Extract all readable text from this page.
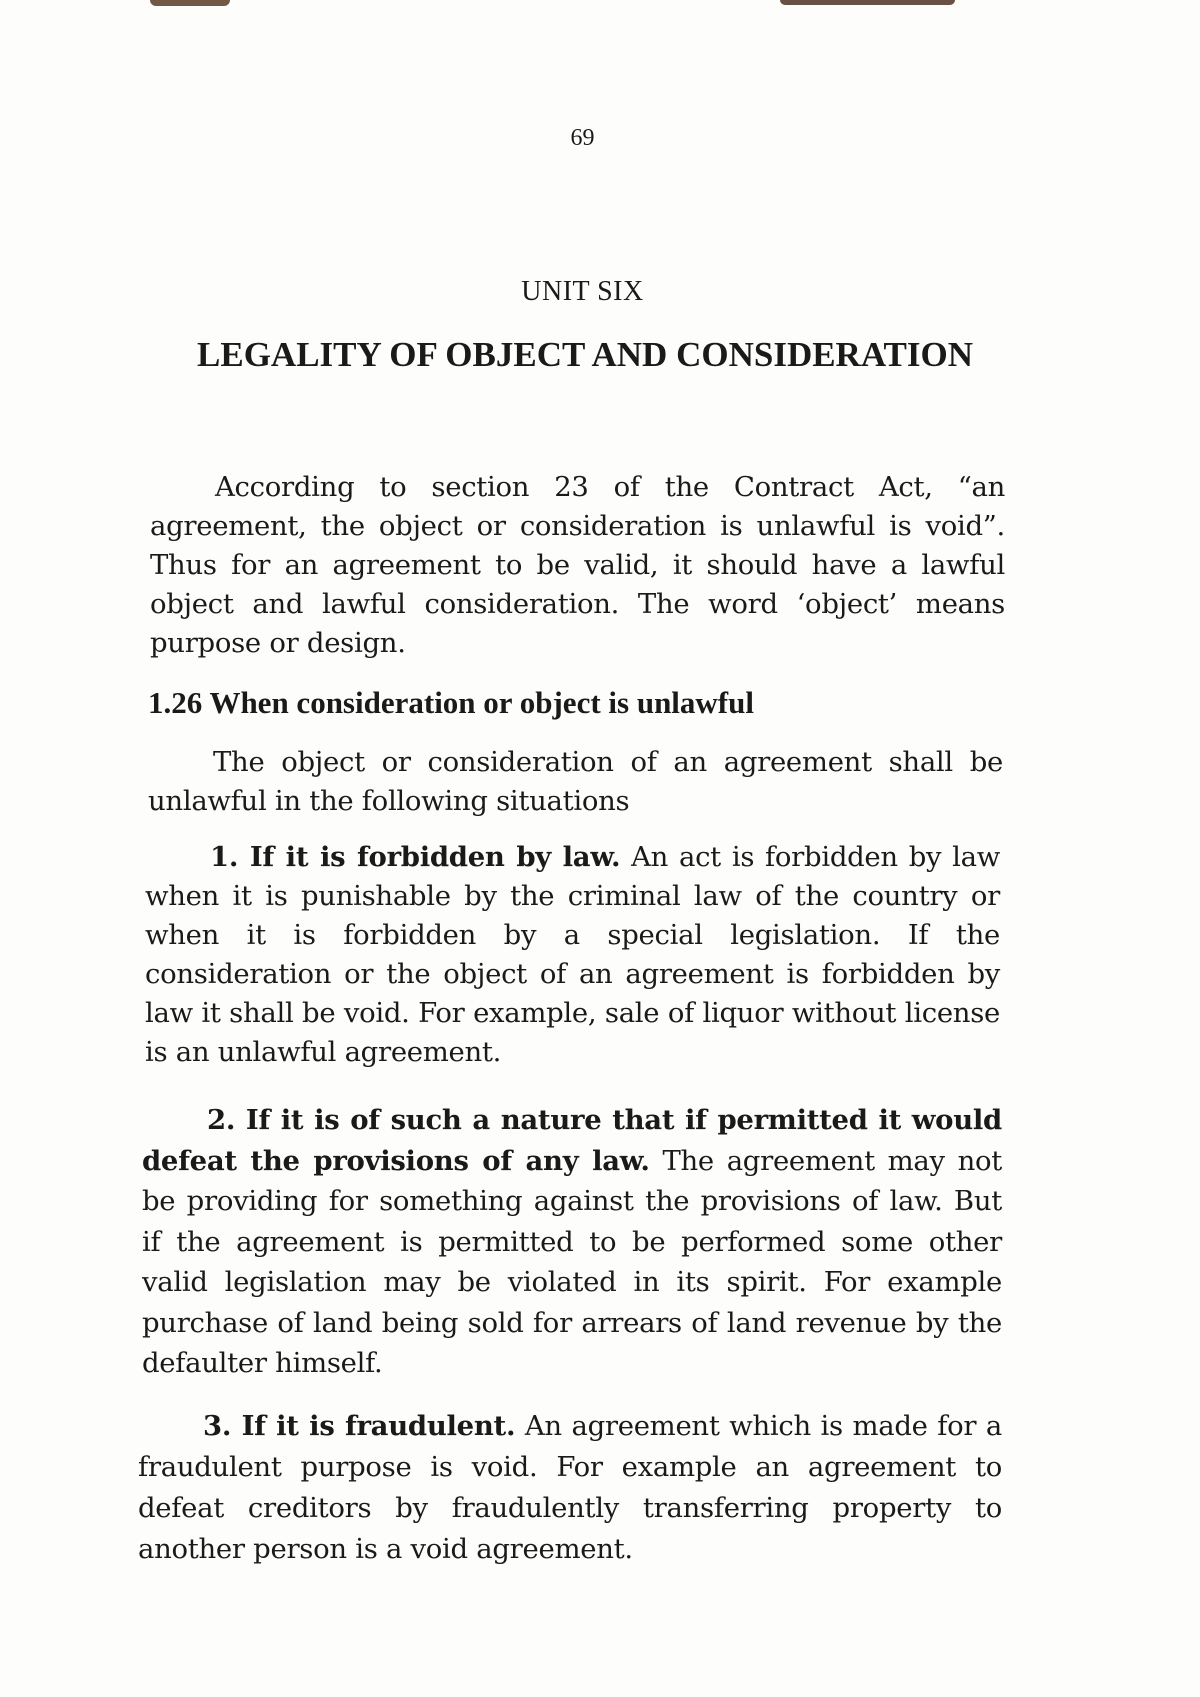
69
UNIT SIX
LEGALITY OF OBJECT AND CONSIDERATION

According to section 23 of the Contract Act, “an agreement, the object or consideration is unlawful is void”. Thus for an agreement to be valid, it should have a lawful object and lawful consideration. The word ‘object’ means purpose or design.

1.26 When consideration or object is unlawful

The object or consideration of an agreement shall be unlawful in the following situations

1. If it is forbidden by law. An act is forbidden by law when it is punishable by the criminal law of the country or when it is forbidden by a special legislation. If the consideration or the object of an agreement is forbidden by law it shall be void. For example, sale of liquor without license is an unlawful agreement.

2. If it is of such a nature that if permitted it would defeat the provisions of any law. The agreement may not be providing for something against the provisions of law. But if the agreement is permitted to be performed some other valid legislation may be violated in its spirit. For example purchase of land being sold for arrears of land revenue by the defaulter himself.

3. If it is fraudulent. An agreement which is made for a fraudulent purpose is void. For example an agreement to defeat creditors by fraudulently transferring property to another person is a void agreement.
